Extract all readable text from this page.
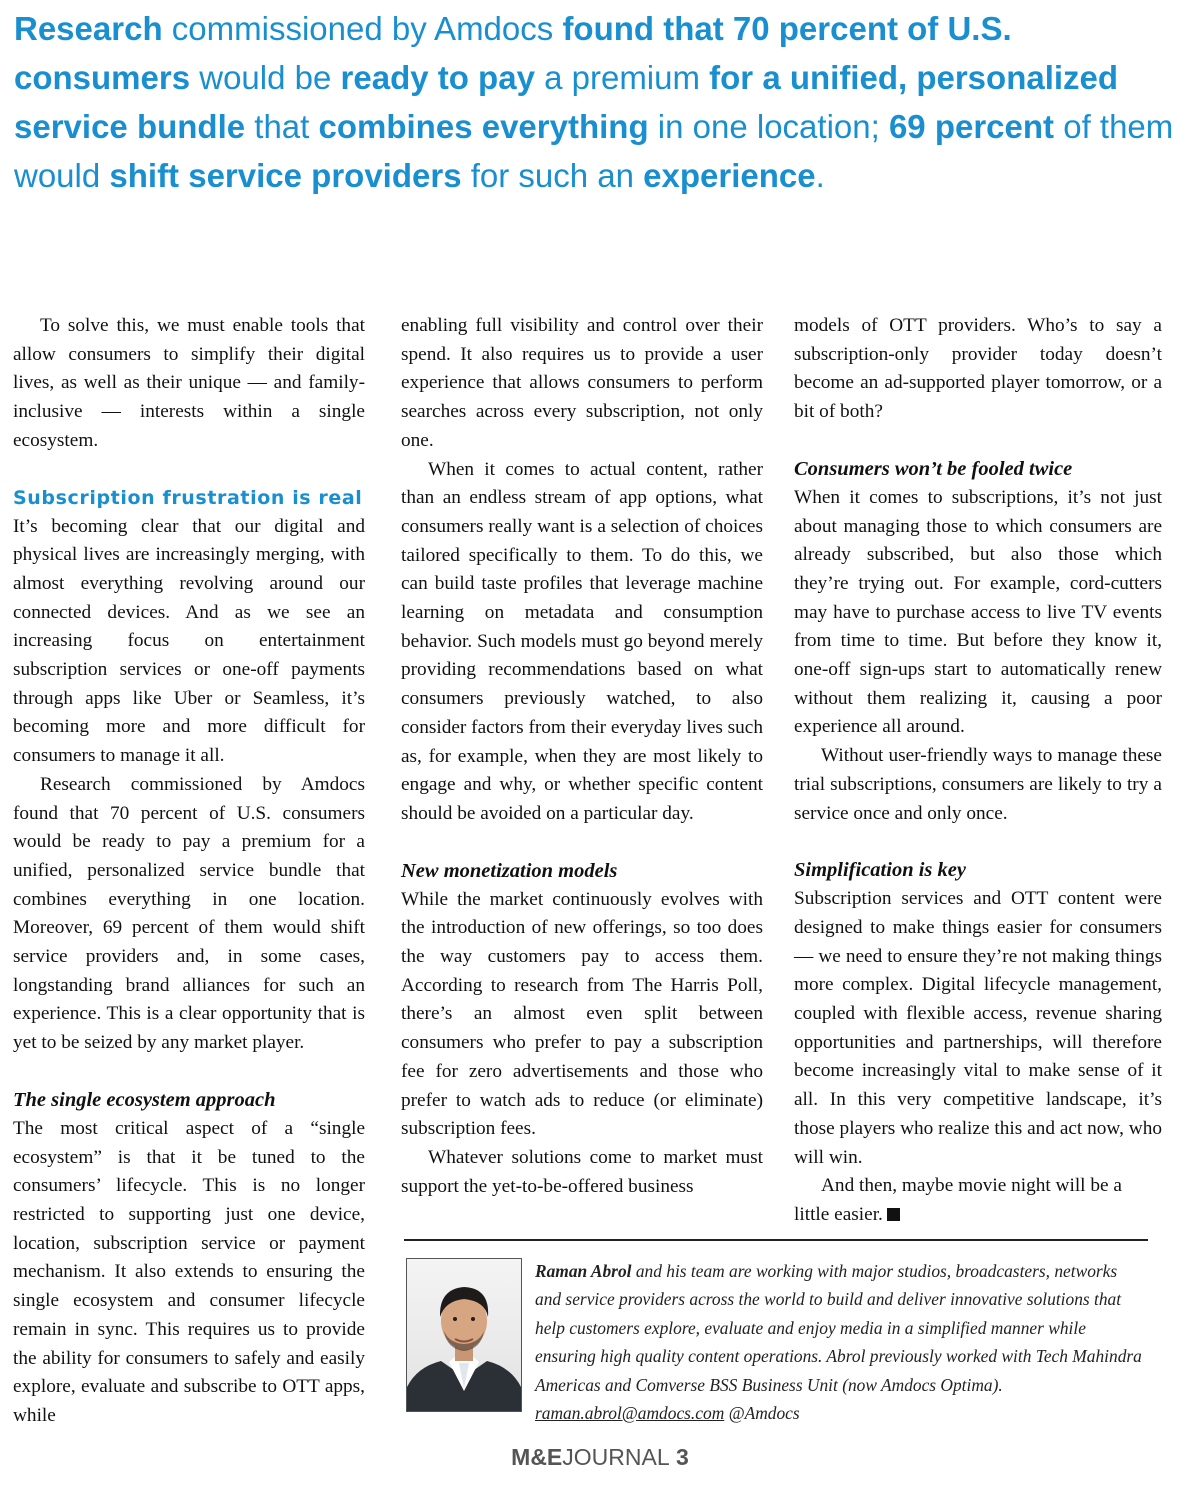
Research commissioned by Amdocs found that 70 percent of U.S. consumers would be ready to pay a premium for a unified, personalized service bundle that combines everything in one location; 69 percent of them would shift service providers for such an experience.

To solve this, we must enable tools that allow consumers to simplify their digital lives, as well as their unique — and family-inclusive — interests within a single ecosystem.

Subscription frustration is real

It’s becoming clear that our digital and physical lives are increasingly merging, with almost everything revolving around our connected devices. And as we see an increasing focus on entertainment subscription services or one-off payments through apps like Uber or Seamless, it’s becoming more and more difficult for consumers to manage it all.

Research commissioned by Amdocs found that 70 percent of U.S. consumers would be ready to pay a premium for a unified, personalized service bundle that combines everything in one location. Moreover, 69 percent of them would shift service providers and, in some cases, longstanding brand alliances for such an experience. This is a clear opportunity that is yet to be seized by any market player.

The single ecosystem approach

The most critical aspect of a “single ecosystem” is that it be tuned to the consumers’ lifecycle. This is no longer restricted to supporting just one device, location, subscription service or payment mechanism. It also extends to ensuring the single ecosystem and consumer lifecycle remain in sync. This requires us to provide the ability for consumers to safely and easily explore, evaluate and subscribe to OTT apps, while

enabling full visibility and control over their spend. It also requires us to provide a user experience that allows consumers to perform searches across every subscription, not only one.

When it comes to actual content, rather than an endless stream of app options, what consumers really want is a selection of choices tailored specifically to them. To do this, we can build taste profiles that leverage machine learning on metadata and consumption behavior. Such models must go beyond merely providing recommendations based on what consumers previously watched, to also consider factors from their everyday lives such as, for example, when they are most likely to engage and why, or whether specific content should be avoided on a particular day.

New monetization models

While the market continuously evolves with the introduction of new offerings, so too does the way customers pay to access them. According to research from The Harris Poll, there’s an almost even split between consumers who prefer to pay a subscription fee for zero advertisements and those who prefer to watch ads to reduce (or eliminate) subscription fees.

Whatever solutions come to market must support the yet-to-be-offered business

models of OTT providers. Who’s to say a subscription-only provider today doesn’t become an ad-supported player tomorrow, or a bit of both?

Consumers won’t be fooled twice

When it comes to subscriptions, it’s not just about managing those to which consumers are already subscribed, but also those which they’re trying out. For example, cord-cutters may have to purchase access to live TV events from time to time. But before they know it, one-off sign-ups start to automatically renew without them realizing it, causing a poor experience all around.

Without user-friendly ways to manage these trial subscriptions, consumers are likely to try a service once and only once.

Simplification is key

Subscription services and OTT content were designed to make things easier for consumers — we need to ensure they’re not making things more complex. Digital lifecycle management, coupled with flexible access, revenue sharing opportunities and partnerships, will therefore become increasingly vital to make sense of it all. In this very competitive landscape, it’s those players who realize this and act now, who will win.

And then, maybe movie night will be a little easier.

Raman Abrol and his team are working with major studios, broadcasters, networks and service providers across the world to build and deliver innovative solutions that help customers explore, evaluate and enjoy media in a simplified manner while ensuring high quality content operations. Abrol previously worked with Tech Mahindra Americas and Comverse BSS Business Unit (now Amdocs Optima). raman.abrol@amdocs.com @Amdocs

M&EJOURNAL 3
